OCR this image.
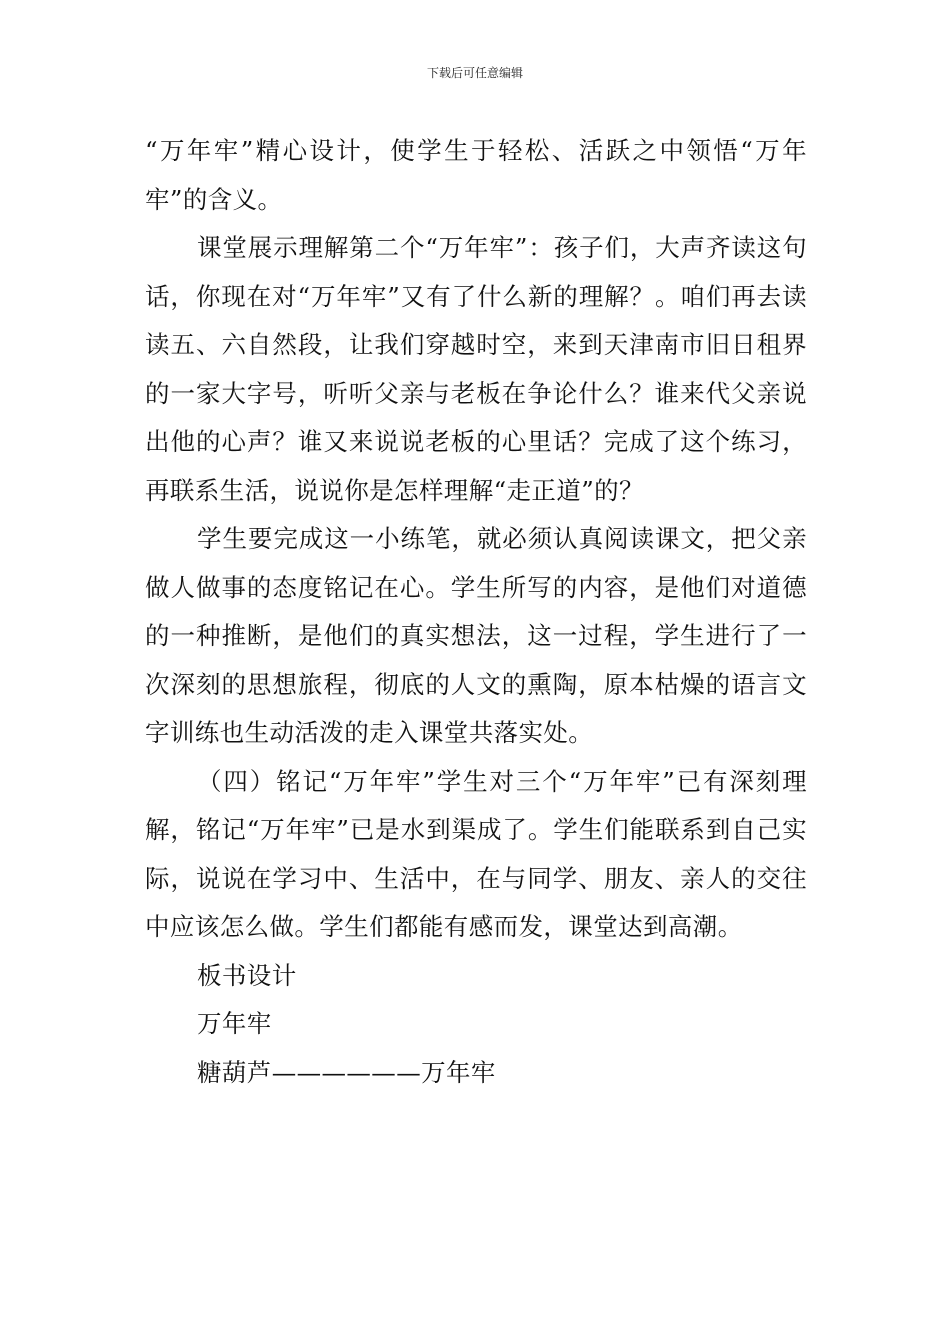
下载后可任意编辑

“万年牢”精心设计，使学生于轻松、活跃之中领悟“万年牢”的含义。

课堂展示理解第二个“万年牢”：孩子们，大声齐读这句话，你现在对“万年牢”又有了什么新的理解？。咱们再去读读五、六自然段，让我们穿越时空，来到天津南市旧日租界的一家大字号，听听父亲与老板在争论什么？谁来代父亲说出他的心声？谁又来说说老板的心里话？完成了这个练习，再联系生活，说说你是怎样理解“走正道”的？

学生要完成这一小练笔，就必须认真阅读课文，把父亲做人做事的态度铭记在心。学生所写的内容，是他们对道德的一种推断，是他们的真实想法，这一过程，学生进行了一次深刻的思想旅程，彻底的人文的熏陶，原本枯燥的语言文字训练也生动活泼的走入课堂共落实处。

（四）铭记“万年牢”学生对三个“万年牢”已有深刻理解，铭记“万年牢”已是水到渠成了。学生们能联系到自己实际，说说在学习中、生活中，在与同学、朋友、亲人的交往中应该怎么做。学生们都能有感而发，课堂达到高潮。

板书设计

万年牢

糖葫芦——————万年牢
